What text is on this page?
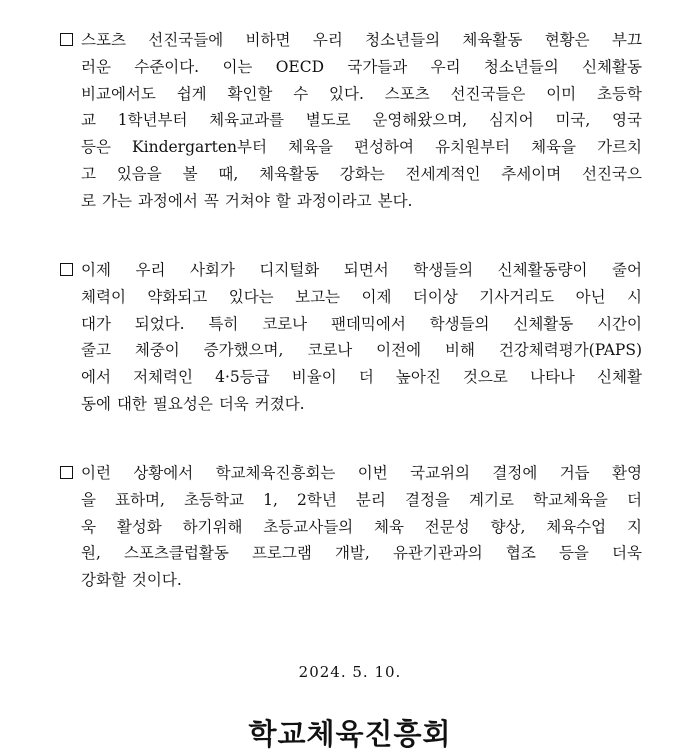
스포츠 선진국들에 비하면 우리 청소년들의 체육활동 현황은 부끄
러운 수준이다. 이는 OECD 국가들과 우리 청소년들의 신체활동
비교에서도 쉽게 확인할 수 있다. 스포츠 선진국들은 이미 초등학
교 1학년부터 체육교과를 별도로 운영해왔으며, 심지어 미국, 영국
등은 Kindergarten부터 체육을 편성하여 유치원부터 체육을 가르치
고 있음을 볼 때, 체육활동 강화는 전세계적인 추세이며 선진국으
로 가는 과정에서 꼭 거쳐야 할 과정이라고 본다.
이제 우리 사회가 디지털화 되면서 학생들의 신체활동량이 줄어
체력이 약화되고 있다는 보고는 이제 더이상 기사거리도 아닌 시
대가 되었다. 특히 코로나 팬데믹에서 학생들의 신체활동 시간이
줄고 체중이 증가했으며, 코로나 이전에 비해 건강체력평가(PAPS)
에서 저체력인 4·5등급 비율이 더 높아진 것으로 나타나 신체활
동에 대한 필요성은 더욱 커졌다.
이런 상황에서 학교체육진흥회는 이번 국교위의 결정에 거듭 환영
을 표하며, 초등학교 1, 2학년 분리 결정을 계기로 학교체육을 더
욱 활성화 하기위해 초등교사들의 체육 전문성 향상, 체육수업 지
원, 스포츠클럽활동 프로그램 개발, 유관기관과의 협조 등을 더욱
강화할 것이다.
2024. 5. 10.
학교체육진흥회
